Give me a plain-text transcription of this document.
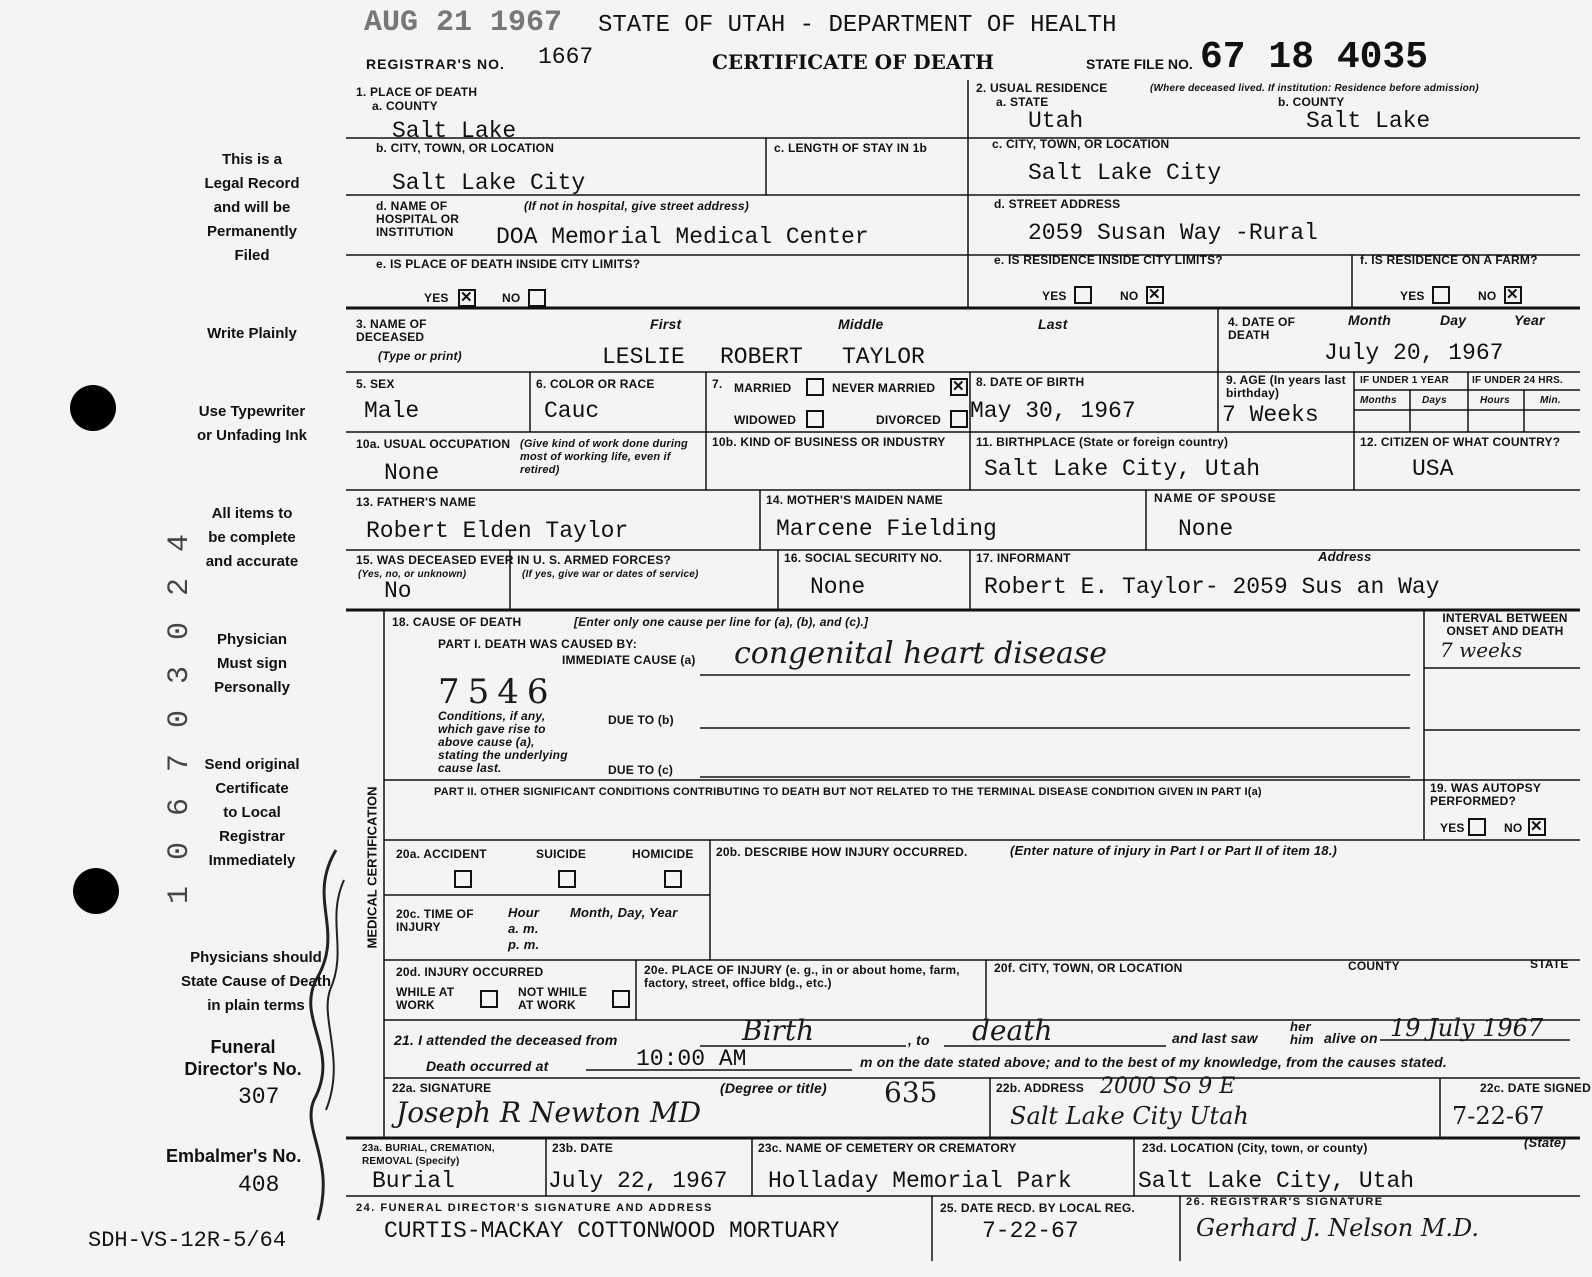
This is a
Legal Record
and will be
Permanently
Filed
Write Plainly
Use Typewriter
or Unfading Ink
All items to
be complete
and accurate
Physician
Must sign
Personally
Send original
Certificate
to Local
Registrar
Immediately
Physicians should
State Cause of Death
in plain terms
Funeral
Director's No.
307
Embalmer's No.
408
SDH-VS-12R-5/64
1 0 6 7 0 3 0 2 4
AUG 21 1967 STATE OF UTAH - DEPARTMENT OF HEALTH
REGISTRAR'S NO. 1667	CERTIFICATE OF DEATH	STATE FILE NO. 67 18 4035
MEDICAL CERTIFICATION
1. PLACE OF DEATH
a. COUNTY
Salt Lake
b. CITY, TOWN, OR LOCATION
Salt Lake City
c. LENGTH OF STAY IN 1b
d. NAME OF HOSPITAL OR INSTITUTION
(If not in hospital, give street address)
DOA Memorial Medical Center
e. IS PLACE OF DEATH INSIDE CITY LIMITS?
YES
✕	NO
2. USUAL RESIDENCE	(Where deceased lived. If institution: Residence before admission)
a. STATE
Utah
b. COUNTY
Salt Lake
c. CITY, TOWN, OR LOCATION
Salt Lake City
d. STREET ADDRESS
2059 Susan Way -Rural
e. IS RESIDENCE INSIDE CITY LIMITS?
YES	NO
✕
f. IS RESIDENCE ON A FARM?
YES	NO
✕
3. NAME OF DECEASED
(Type or print)
First	Middle	Last
LESLIE ROBERT TAYLOR
4. DATE OF DEATH
Month	Day	Year
July 20, 1967
5. SEX
Male
6. COLOR OR RACE
Cauc
7. MARRIED	NEVER MARRIED
✕
WIDOWED	DIVORCED
8. DATE OF BIRTH
May 30, 1967
9. AGE (In years last birthday)
7 Weeks
IF UNDER 1 YEAR IF UNDER 24 HRS.
Months	Days	Hours	Min.
10a. USUAL OCCUPATION (Give kind of work done during most of working life, even if retired)
None
10b. KIND OF BUSINESS OR INDUSTRY	11. BIRTHPLACE (State or foreign country)
Salt Lake City, Utah
12. CITIZEN OF WHAT COUNTRY?
USA
13. FATHER'S NAME
Robert Elden Taylor
14. MOTHER'S MAIDEN NAME
Marcene Fielding
NAME OF SPOUSE
None
15. WAS DECEASED EVER IN U. S. ARMED FORCES?
(Yes, no, or unknown)	(If yes, give war or dates of service)
No
16. SOCIAL SECURITY NO.
None
17. INFORMANT	Address
Robert E. Taylor- 2059 Sus an Way
18. CAUSE OF DEATH	[Enter only one cause per line for (a), (b), and (c).]
PART I. DEATH WAS CAUSED BY:
IMMEDIATE CAUSE (a) congenital heart disease
INTERVAL BETWEEN ONSET AND DEATH
7 weeks
7546
Conditions, if any, which gave rise to above cause (a), stating the underlying cause last.
DUE TO (b)
DUE TO (c)
PART II. OTHER SIGNIFICANT CONDITIONS CONTRIBUTING TO DEATH BUT NOT RELATED TO THE TERMINAL DISEASE CONDITION GIVEN IN PART I(a)	19. WAS AUTOPSY PERFORMED?
YES	NO
✕
20a. ACCIDENT	SUICIDE	HOMICIDE 20b. DESCRIBE HOW INJURY OCCURRED.	(Enter nature of injury in Part I or Part II of item 18.)
20c. TIME OF INJURY
Hour
a. m.
p. m.
Month, Day, Year
20d. INJURY OCCURRED
WHILE AT WORK
NOT WHILE AT WORK
20e. PLACE OF INJURY (e. g., in or about home, farm, factory, street, office bldg., etc.)
20f. CITY, TOWN, OR LOCATION	COUNTY	STATE
21. I attended the deceased from	Birth	, to death	and last saw
her him alive on 19 July 1967
Death occurred at	10:00 AM	m on the date stated above; and to the best of my knowledge, from the causes stated.
22a. SIGNATURE	(Degree or title)
Joseph R Newton MD
635	22b. ADDRESS 2000 So 9 E
Salt Lake City Utah
22c. DATE SIGNED
7-22-67
23a. BURIAL, CREMATION, REMOVAL (Specify)
Burial
23b. DATE
July 22, 1967
23c. NAME OF CEMETERY OR CREMATORY
Holladay Memorial Park
23d. LOCATION (City, town, or county)	(State)
Salt Lake City, Utah
24. FUNERAL DIRECTOR'S SIGNATURE AND ADDRESS
CURTIS-MACKAY COTTONWOOD MORTUARY
25. DATE RECD. BY LOCAL REG.
7-22-67
26. REGISTRAR'S SIGNATURE
Gerhard J. Nelson M.D.
